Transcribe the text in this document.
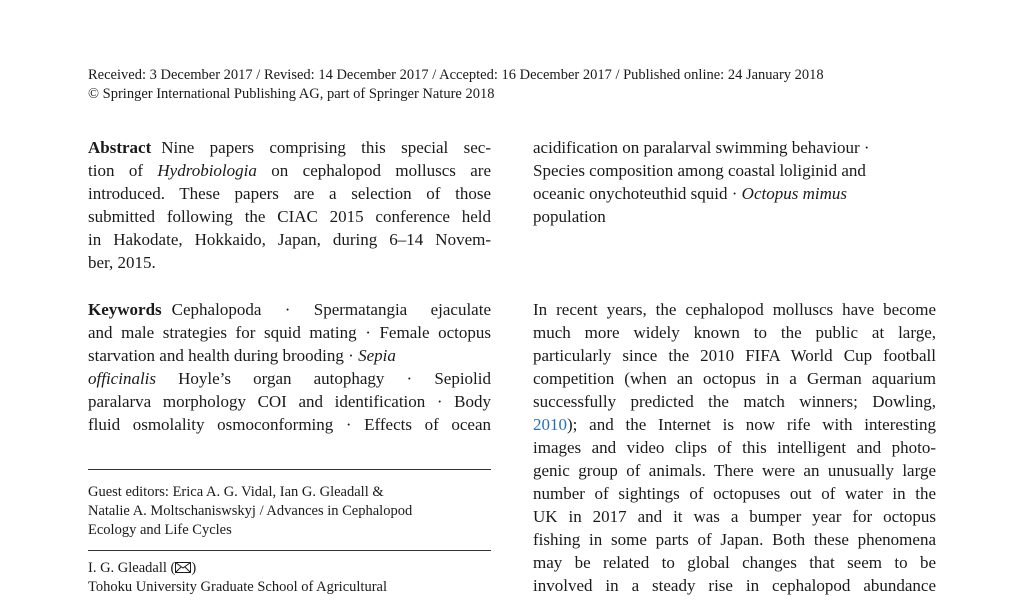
Received: 3 December 2017 / Revised: 14 December 2017 / Accepted: 16 December 2017 / Published online: 24 January 2018
© Springer International Publishing AG, part of Springer Nature 2018
Abstract Nine papers comprising this special sec-
tion of Hydrobiologia on cephalopod molluscs are
introduced. These papers are a selection of those
submitted following the CIAC 2015 conference held
in Hakodate, Hokkaido, Japan, during 6–14 Novem-
ber, 2015.
Keywords Cephalopoda · Spermatangia ejaculate
and male strategies for squid mating · Female octopus
starvation and health during brooding · Sepia
officinalis Hoyle’s organ autophagy · Sepiolid
paralarva morphology COI and identification · Body
fluid osmolality osmoconforming · Effects of ocean
acidification on paralarval swimming behaviour ·
Species composition among coastal loliginid and
oceanic onychoteuthid squid · Octopus mimus
population
In recent years, the cephalopod molluscs have become
much more widely known to the public at large,
particularly since the 2010 FIFA World Cup football
competition (when an octopus in a German aquarium
successfully predicted the match winners; Dowling,
2010); and the Internet is now rife with interesting
images and video clips of this intelligent and photo-
genic group of animals. There were an unusually large
number of sightings of octopuses out of water in the
UK in 2017 and it was a bumper year for octopus
fishing in some parts of Japan. Both these phenomena
may be related to global changes that seem to be
involved in a steady rise in cephalopod abundance
Guest editors: Erica A. G. Vidal, Ian G. Gleadall &
Natalie A. Moltschaniswskyj / Advances in Cephalopod
Ecology and Life Cycles
I. G. Gleadall ( )
Tohoku University Graduate School of Agricultural
